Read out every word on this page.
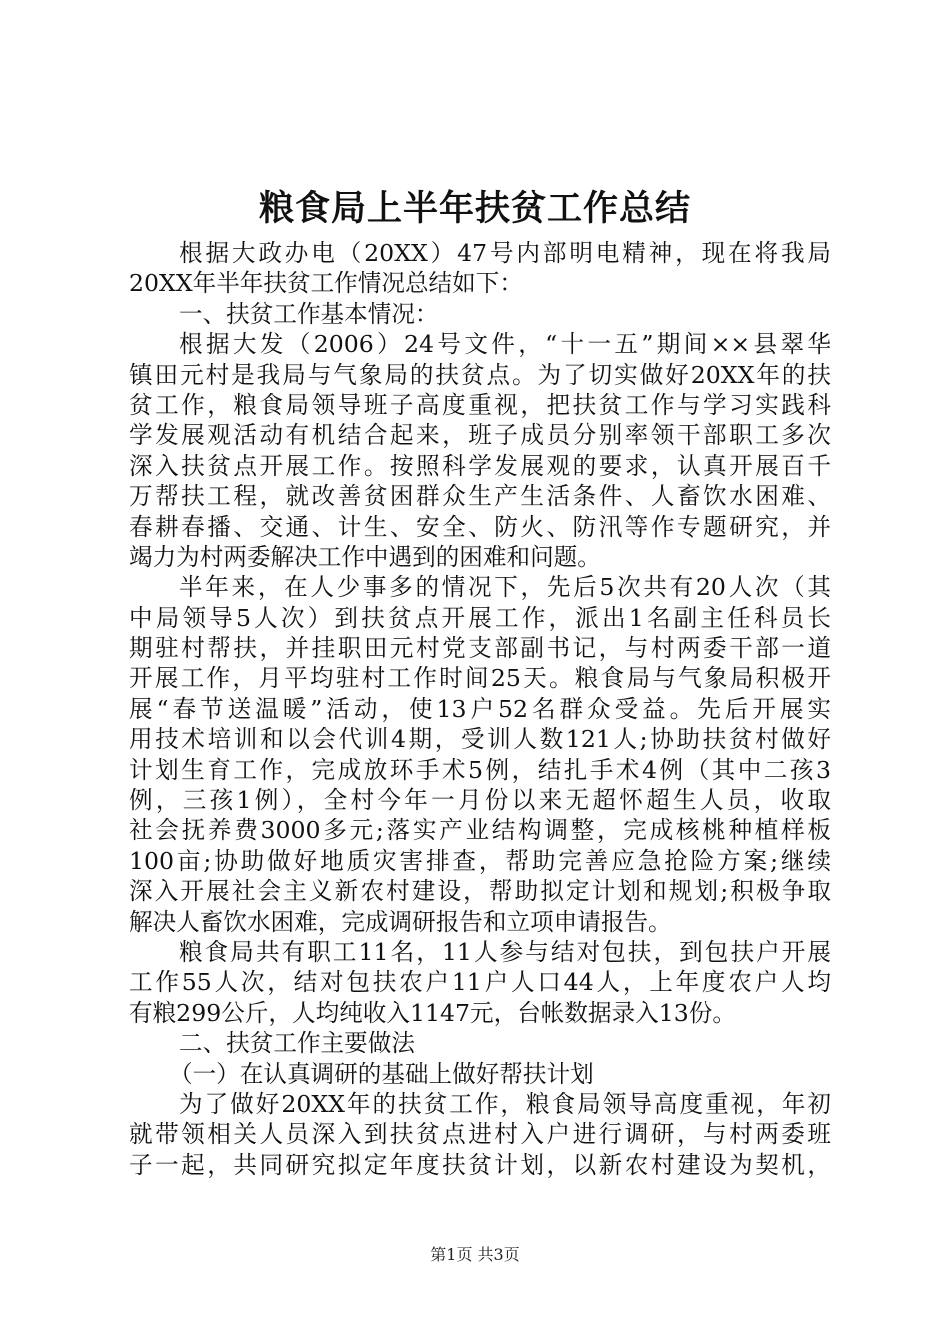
粮食局上半年扶贫工作总结
根据大政办电（20XX）47号内部明电精神，现在将我局
20XX年半年扶贫工作情况总结如下：
一、扶贫工作基本情况：
根据大发（2006）24号文件，“十一五”期间××县翠华
镇田元村是我局与气象局的扶贫点。为了切实做好20XX年的扶
贫工作，粮食局领导班子高度重视，把扶贫工作与学习实践科
学发展观活动有机结合起来，班子成员分别率领干部职工多次
深入扶贫点开展工作。按照科学发展观的要求，认真开展百千
万帮扶工程，就改善贫困群众生产生活条件、人畜饮水困难、
春耕春播、交通、计生、安全、防火、防汛等作专题研究，并
竭力为村两委解决工作中遇到的困难和问题。
半年来，在人少事多的情况下，先后5次共有20人次（其
中局领导5人次）到扶贫点开展工作，派出1名副主任科员长
期驻村帮扶，并挂职田元村党支部副书记，与村两委干部一道
开展工作，月平均驻村工作时间25天。粮食局与气象局积极开
展“春节送温暖”活动，使13户52名群众受益。先后开展实
用技术培训和以会代训4期，受训人数121人;协助扶贫村做好
计划生育工作，完成放环手术5例，结扎手术4例（其中二孩3
例，三孩1例），全村今年一月份以来无超怀超生人员，收取
社会抚养费3000多元;落实产业结构调整，完成核桃种植样板
100亩;协助做好地质灾害排查，帮助完善应急抢险方案;继续
深入开展社会主义新农村建设，帮助拟定计划和规划;积极争取
解决人畜饮水困难，完成调研报告和立项申请报告。
粮食局共有职工11名，11人参与结对包扶，到包扶户开展
工作55人次，结对包扶农户11户人口44人，上年度农户人均
有粮299公斤，人均纯收入1147元，台帐数据录入13份。
二、扶贫工作主要做法
（一）在认真调研的基础上做好帮扶计划
为了做好20XX年的扶贫工作，粮食局领导高度重视，年初
就带领相关人员深入到扶贫点进村入户进行调研，与村两委班
子一起，共同研究拟定年度扶贫计划，以新农村建设为契机，
第1页 共3页
